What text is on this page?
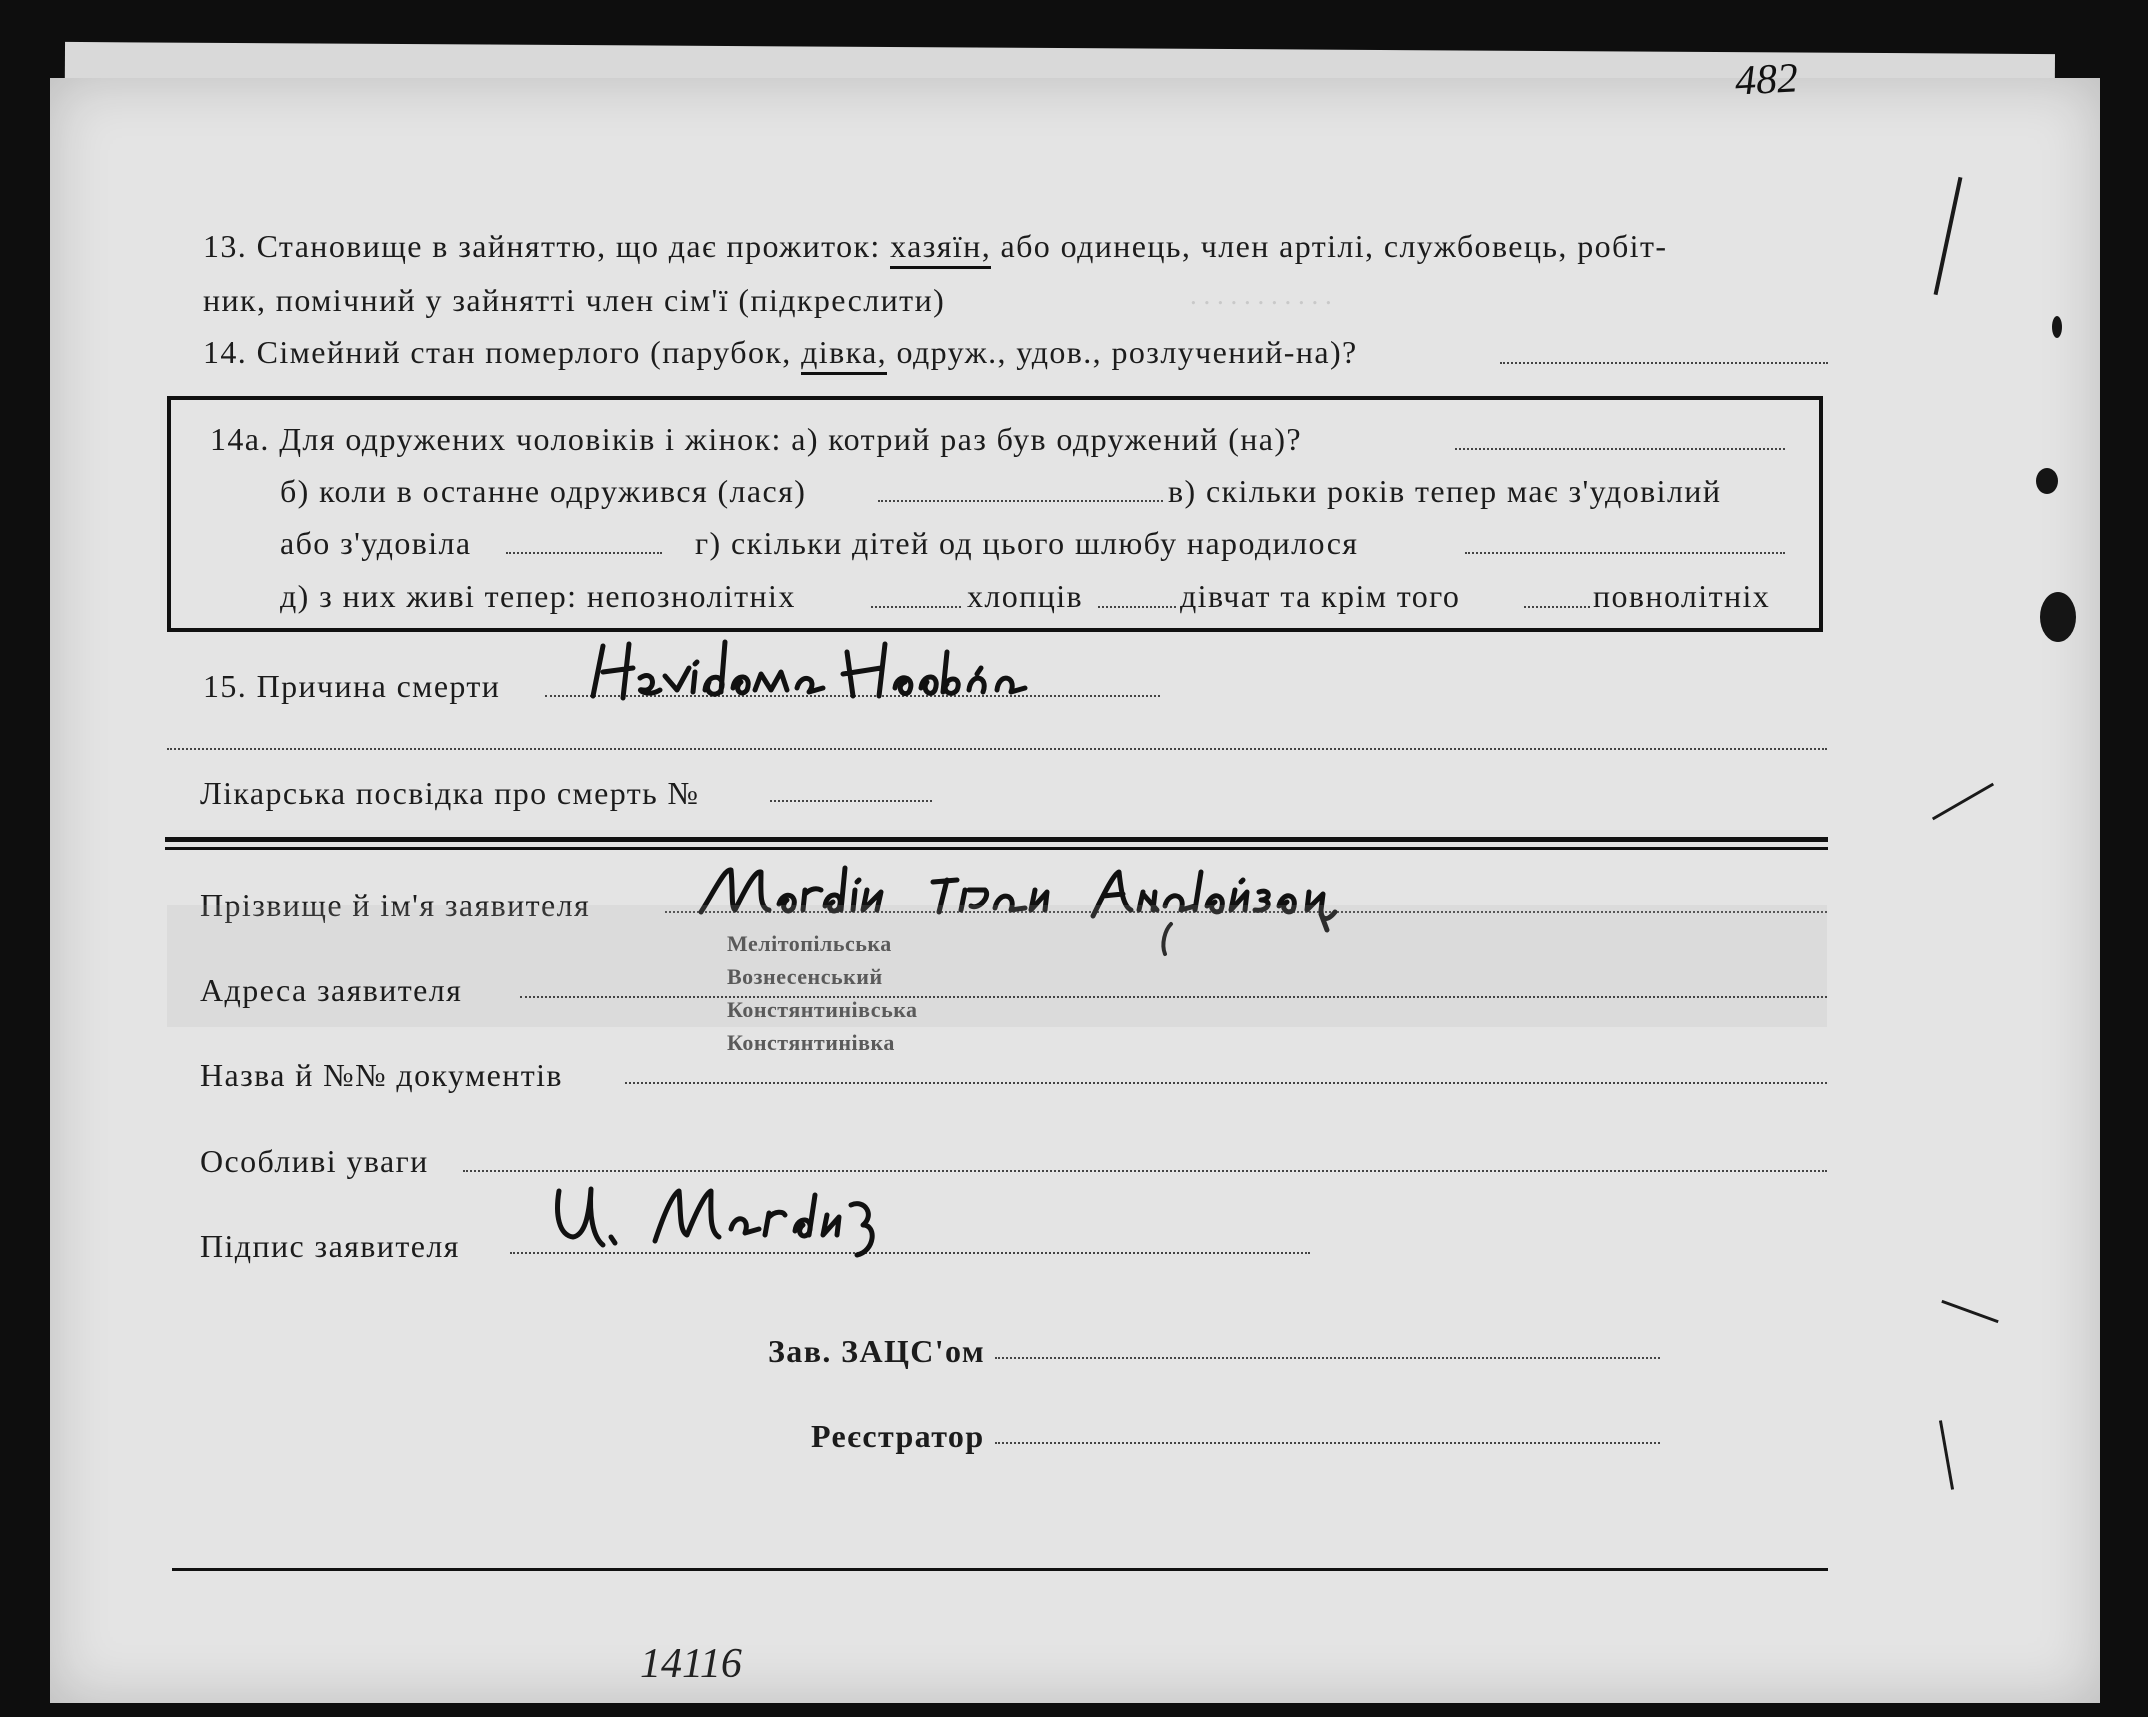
. . . . . . . . . . .
482
13. Становище в зайняттю, що дає прожиток: хазяїн, або одинець, член артілі, службовець, робіт-
ник, помічний у зайнятті член сім'ї (підкреслити)
14. Сімейний стан померлого (парубок, дівка, одруж., удов., розлучений-на)?
14а. Для одружених чоловіків і жінок: а) котрий раз був одружений (на)?
б) коли в останне одружився (лася)	в) скільки років тепер має з'удовілий
або з'удовіла	г) скільки дітей од цього шлюбу народилося
д) з них живі тепер: непознолітніх	хлопців	дівчат та крім того	повнолітніх
15. Причина смерти
Лікарська посвідка про смерть №
Прізвище й ім'я заявителя
Адреса заявителя
Мелітопільська
Вознесенський
Констянтинівська
Констянтинівка
Назва й №№ документів
Особливі уваги
Підпис заявителя
Зав. ЗАЦС'ом
Реєстратор
14116
